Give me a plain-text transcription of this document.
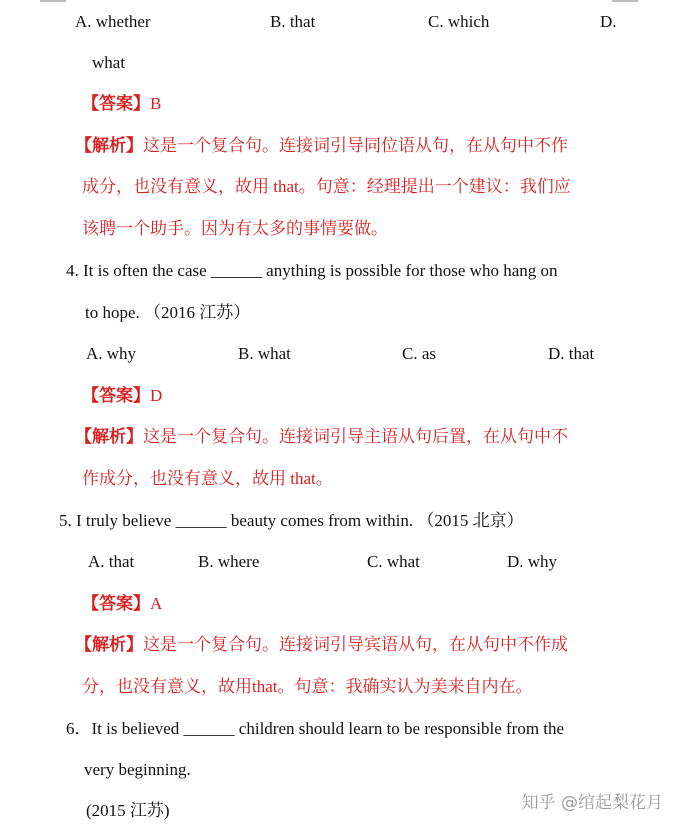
A. whether	B. that	C. which	D.
what
【答案】B
【解析】这是一个复合句。连接词引导同位语从句，在从句中不作
成分，也没有意义，故用 that。句意：经理提出一个建议：我们应
该聘一个助手。因为有太多的事情要做。
4. It is often the case ______ anything is possible for those who hang on
to hope. （2016 江苏）
A. why	B. what	C. as	D. that
【答案】D
【解析】这是一个复合句。连接词引导主语从句后置，在从句中不
作成分，也没有意义，故用 that。
5. I truly believe ______ beauty comes from within. （2015 北京）
A. that	B. where	C. what	D. why
【答案】A
【解析】这是一个复合句。连接词引导宾语从句，在从句中不作成
分，也没有意义，故用that。句意：我确实认为美来自内在。
6．It is believed ______ children should learn to be responsible from the
very beginning.
(2015 江苏)	知乎 @绾起梨花月
